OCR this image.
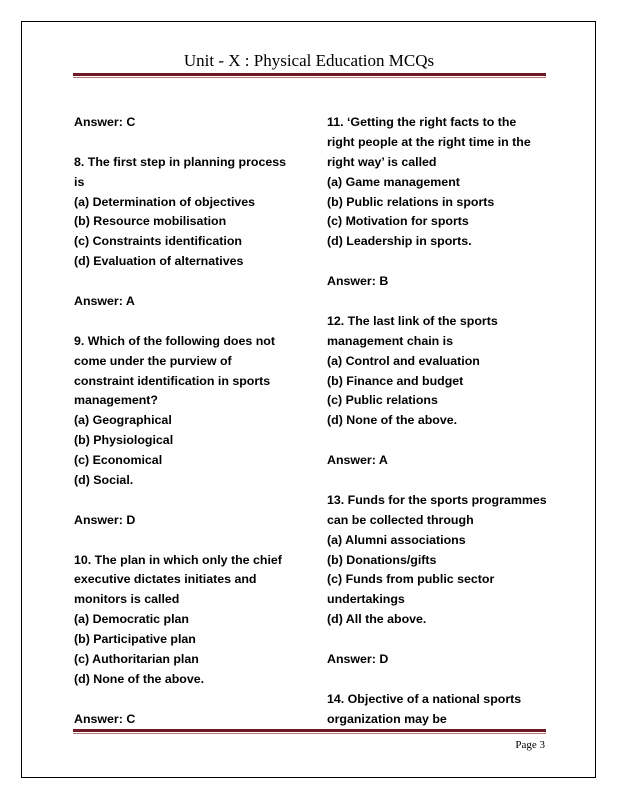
Unit - X : Physical Education MCQs
Answer: C
8. The first step in planning process
is
(a) Determination of objectives
(b) Resource mobilisation
(c) Constraints identification
(d) Evaluation of alternatives
Answer: A
9. Which of the following does not
come under the purview of
constraint identification in sports
management?
(a) Geographical
(b) Physiological
(c) Economical
(d) Social.
Answer: D
10. The plan in which only the chief
executive dictates initiates and
monitors is called
(a) Democratic plan
(b) Participative plan
(c) Authoritarian plan
(d) None of the above.
Answer: C
11. ‘Getting the right facts to the
right people at the right time in the
right way’ is called
(a) Game management
(b) Public relations in sports
(c) Motivation for sports
(d) Leadership in sports.
Answer: B
12. The last link of the sports
management chain is
(a) Control and evaluation
(b) Finance and budget
(c) Public relations
(d) None of the above.
Answer: A
13. Funds for the sports programmes
can be collected through
(a) Alumni associations
(b) Donations/gifts
(c) Funds from public sector
undertakings
(d) All the above.
Answer: D
14. Objective of a national sports
organization may be
Page 3
